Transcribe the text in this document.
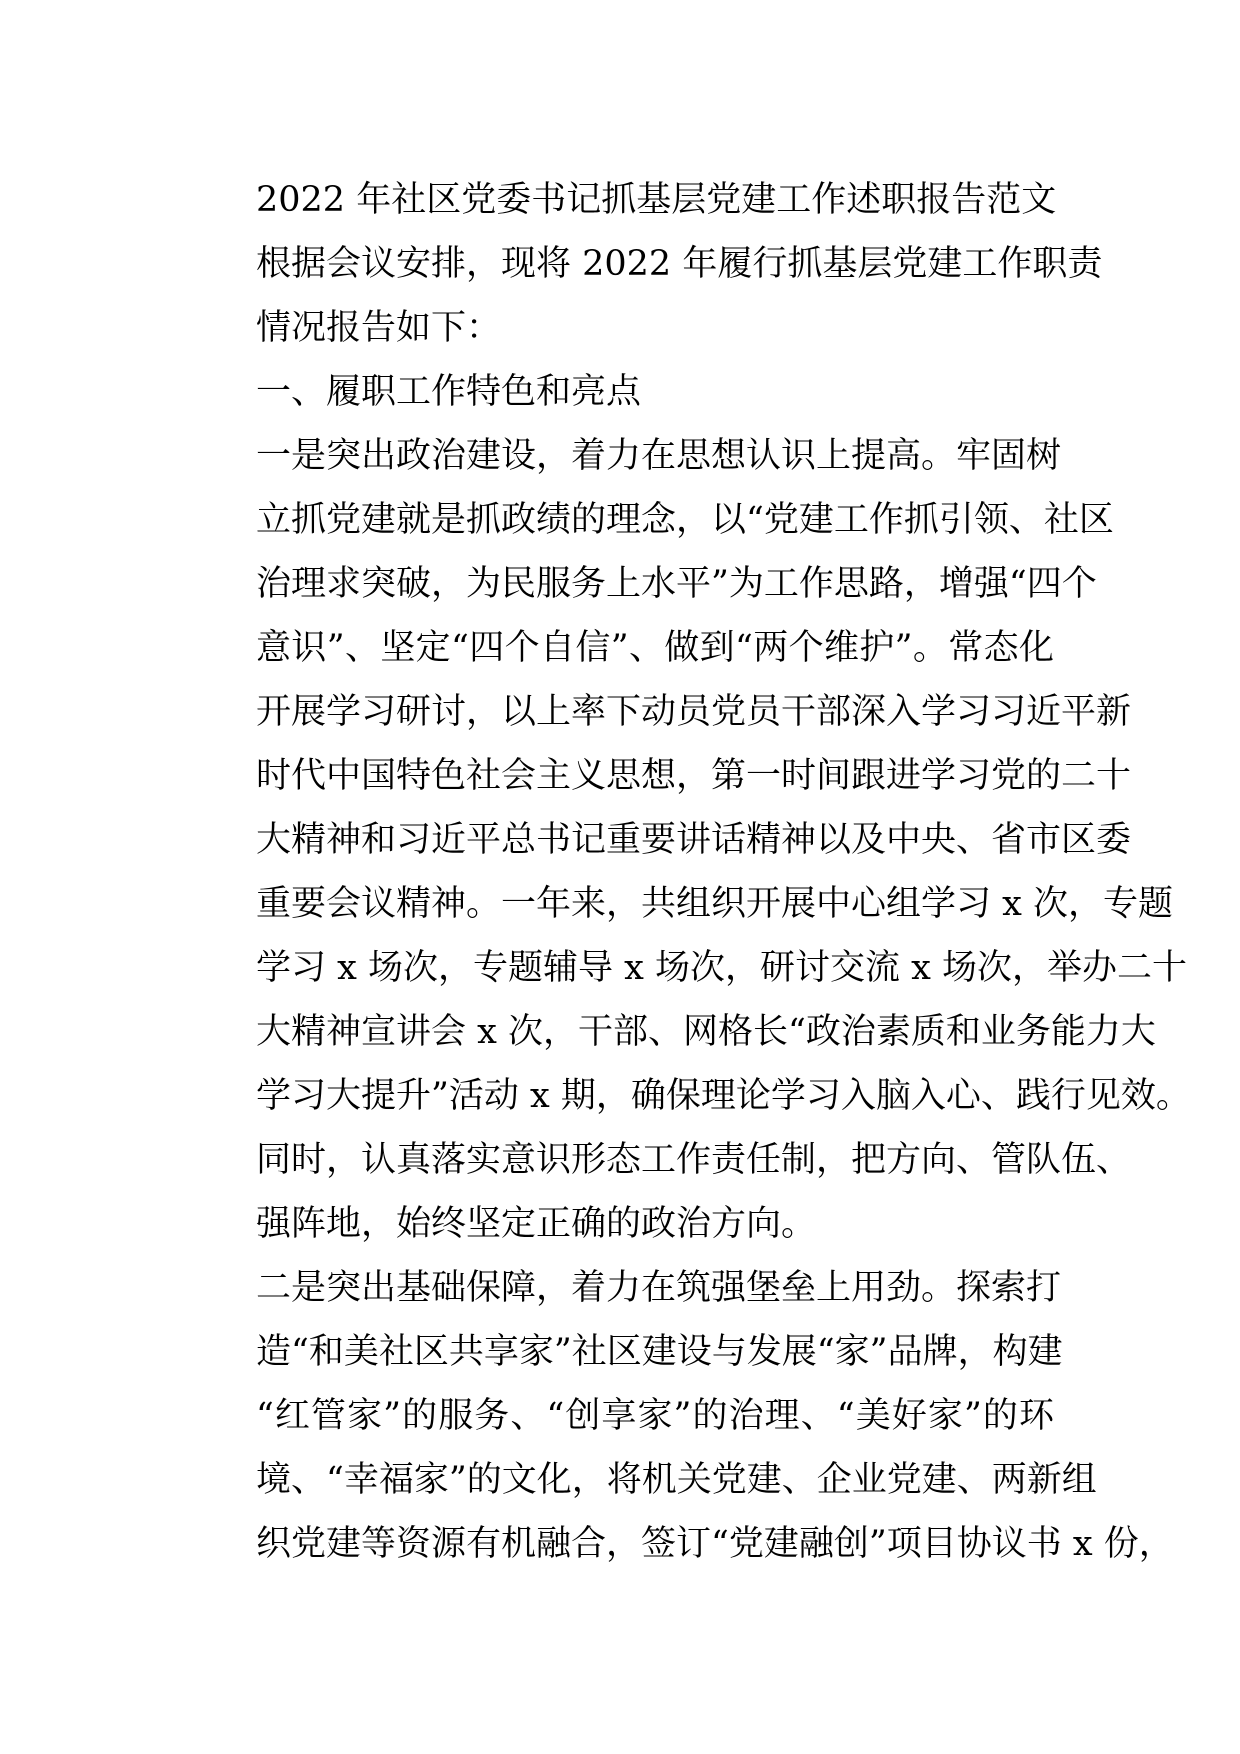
2022 年社区党委书记抓基层党建工作述职报告范文
根据会议安排，现将 2022 年履行抓基层党建工作职责
情况报告如下：
一、履职工作特色和亮点
一是突出政治建设，着力在思想认识上提高。牢固树
立抓党建就是抓政绩的理念，以“党建工作抓引领、社区
治理求突破，为民服务上水平”为工作思路，增强“四个
意识”、坚定“四个自信”、做到“两个维护”。常态化
开展学习研讨，以上率下动员党员干部深入学习习近平新
时代中国特色社会主义思想，第一时间跟进学习党的二十
大精神和习近平总书记重要讲话精神以及中央、省市区委
重要会议精神。一年来，共组织开展中心组学习 x 次，专题
学习 x 场次，专题辅导 x 场次，研讨交流 x 场次，举办二十
大精神宣讲会 x 次，干部、网格长“政治素质和业务能力大
学习大提升”活动 x 期，确保理论学习入脑入心、践行见效。
同时，认真落实意识形态工作责任制，把方向、管队伍、
强阵地，始终坚定正确的政治方向。
二是突出基础保障，着力在筑强堡垒上用劲。探索打
造“和美社区共享家”社区建设与发展“家”品牌，构建
“红管家”的服务、“创享家”的治理、“美好家”的环
境、“幸福家”的文化，将机关党建、企业党建、两新组
织党建等资源有机融合，签订“党建融创”项目协议书 x 份，
